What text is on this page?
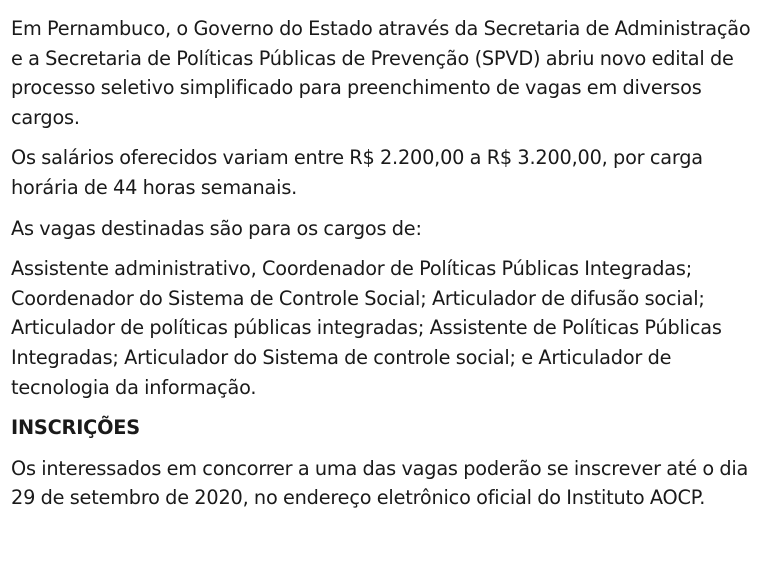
Em Pernambuco, o Governo do Estado através da Secretaria de Administração e a Secretaria de Políticas Públicas de Prevenção (SPVD) abriu novo edital de processo seletivo simplificado para preenchimento de vagas em diversos cargos.

Os salários oferecidos variam entre R$ 2.200,00 a R$ 3.200,00, por carga horária de 44 horas semanais.

As vagas destinadas são para os cargos de:

Assistente administrativo, Coordenador de Políticas Públicas Integradas; Coordenador do Sistema de Controle Social; Articulador de difusão social; Articulador de políticas públicas integradas; Assistente de Políticas Públicas Integradas; Articulador do Sistema de controle social; e Articulador de tecnologia da informação.

INSCRIÇÕES

Os interessados em concorrer a uma das vagas poderão se inscrever até o dia 29 de setembro de 2020, no endereço eletrônico oficial do Instituto AOCP.
